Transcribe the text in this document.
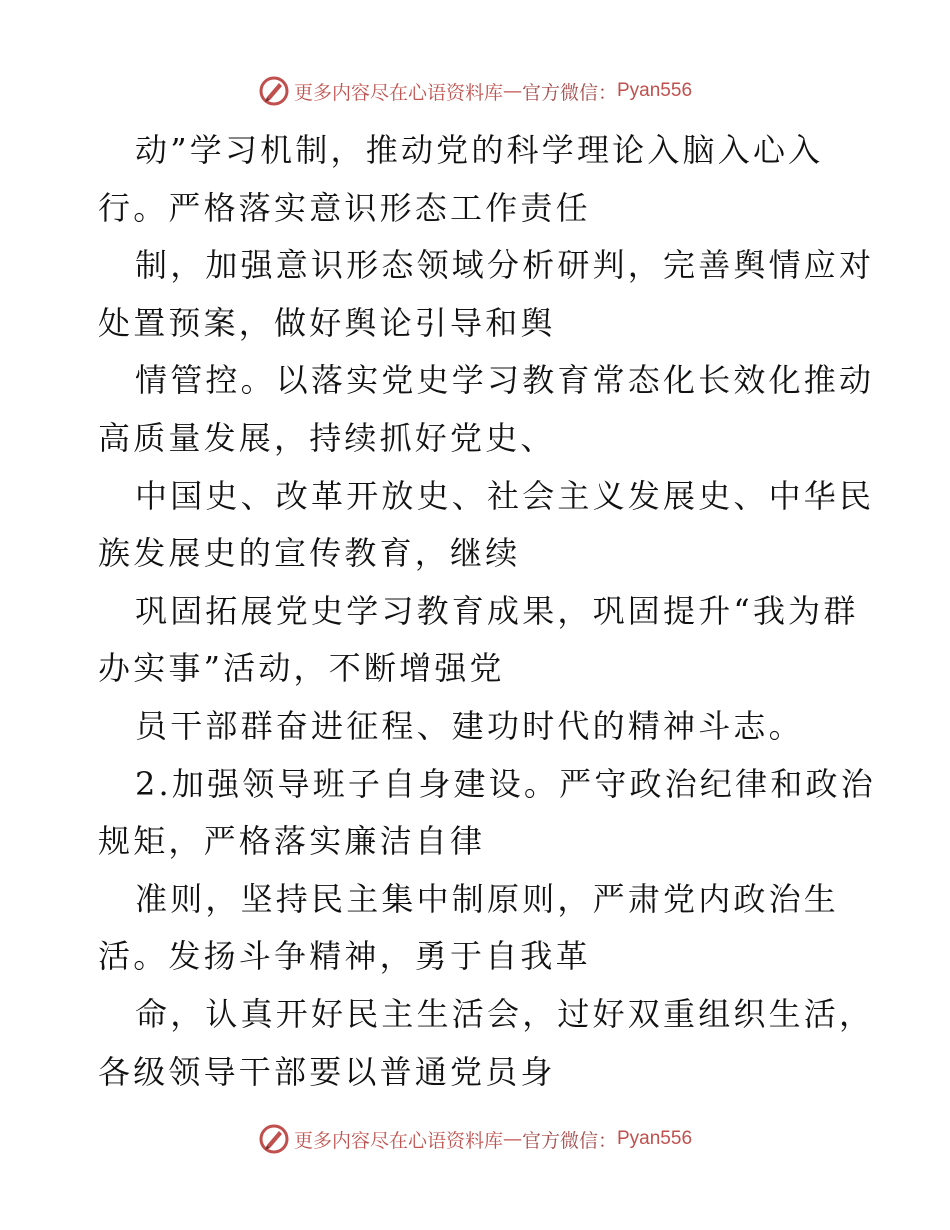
更多内容尽在心语资料库 — 官方微信： Pyan556
动”学习机制，推动党的科学理论入脑入心入
行。严格落实意识形态工作责任
制，加强意识形态领域分析研判，完善舆情应对
处置预案，做好舆论引导和舆
情管控。以落实党史学习教育常态化长效化推动
高质量发展，持续抓好党史、
中国史、改革开放史、社会主义发展史、中华民
族发展史的宣传教育，继续
巩固拓展党史学习教育成果，巩固提升“我为群
办实事”活动，不断增强党
员干部群奋进征程、建功时代的精神斗志。
2.加强领导班子自身建设。严守政治纪律和政治
规矩，严格落实廉洁自律
准则，坚持民主集中制原则，严肃党内政治生
活。发扬斗争精神，勇于自我革
命，认真开好民主生活会，过好双重组织生活，
各级领导干部要以普通党员身
更多内容尽在心语资料库 — 官方微信： Pyan556
